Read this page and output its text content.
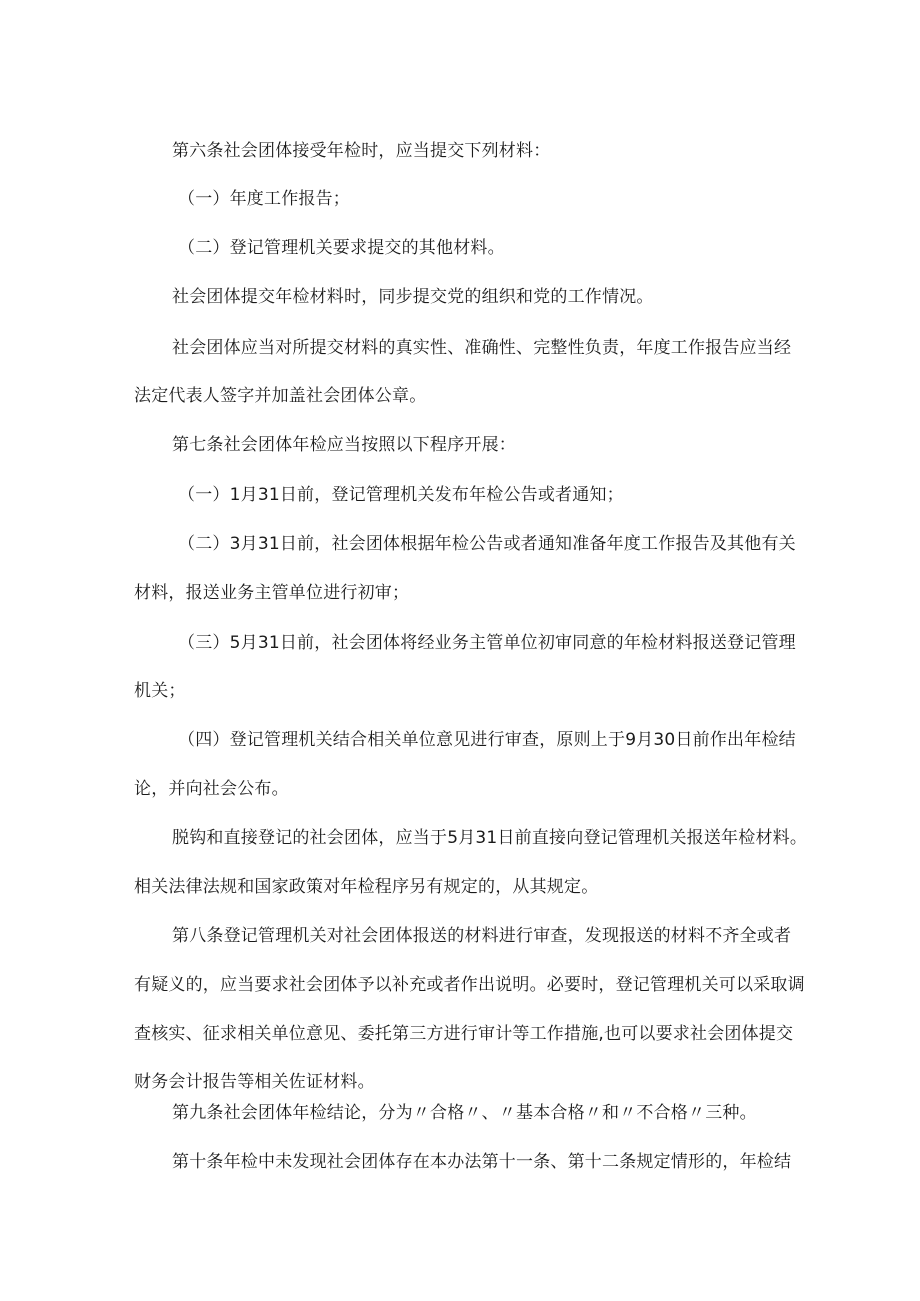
第六条社会团体接受年检时，应当提交下列材料：
（一）年度工作报告；
（二）登记管理机关要求提交的其他材料。
社会团体提交年检材料时，同步提交党的组织和党的工作情况。
社会团体应当对所提交材料的真实性、准确性、完整性负责，年度工作报告应当经
法定代表人签字并加盖社会团体公章。
第七条社会团体年检应当按照以下程序开展：
（一）1月31日前，登记管理机关发布年检公告或者通知；
（二）3月31日前，社会团体根据年检公告或者通知准备年度工作报告及其他有关
材料，报送业务主管单位进行初审；
（三）5月31日前，社会团体将经业务主管单位初审同意的年检材料报送登记管理
机关；
（四）登记管理机关结合相关单位意见进行审查，原则上于9月30日前作出年检结
论，并向社会公布。
脱钩和直接登记的社会团体，应当于5月31日前直接向登记管理机关报送年检材料。
相关法律法规和国家政策对年检程序另有规定的，从其规定。
第八条登记管理机关对社会团体报送的材料进行审查，发现报送的材料不齐全或者
有疑义的，应当要求社会团体予以补充或者作出说明。必要时，登记管理机关可以采取调
查核实、征求相关单位意见、委托第三方进行审计等工作措施,也可以要求社会团体提交
财务会计报告等相关佐证材料。
第九条社会团体年检结论，分为〃合格〃、〃基本合格〃和〃不合格〃三种。
第十条年检中未发现社会团体存在本办法第十一条、第十二条规定情形的，年检结
